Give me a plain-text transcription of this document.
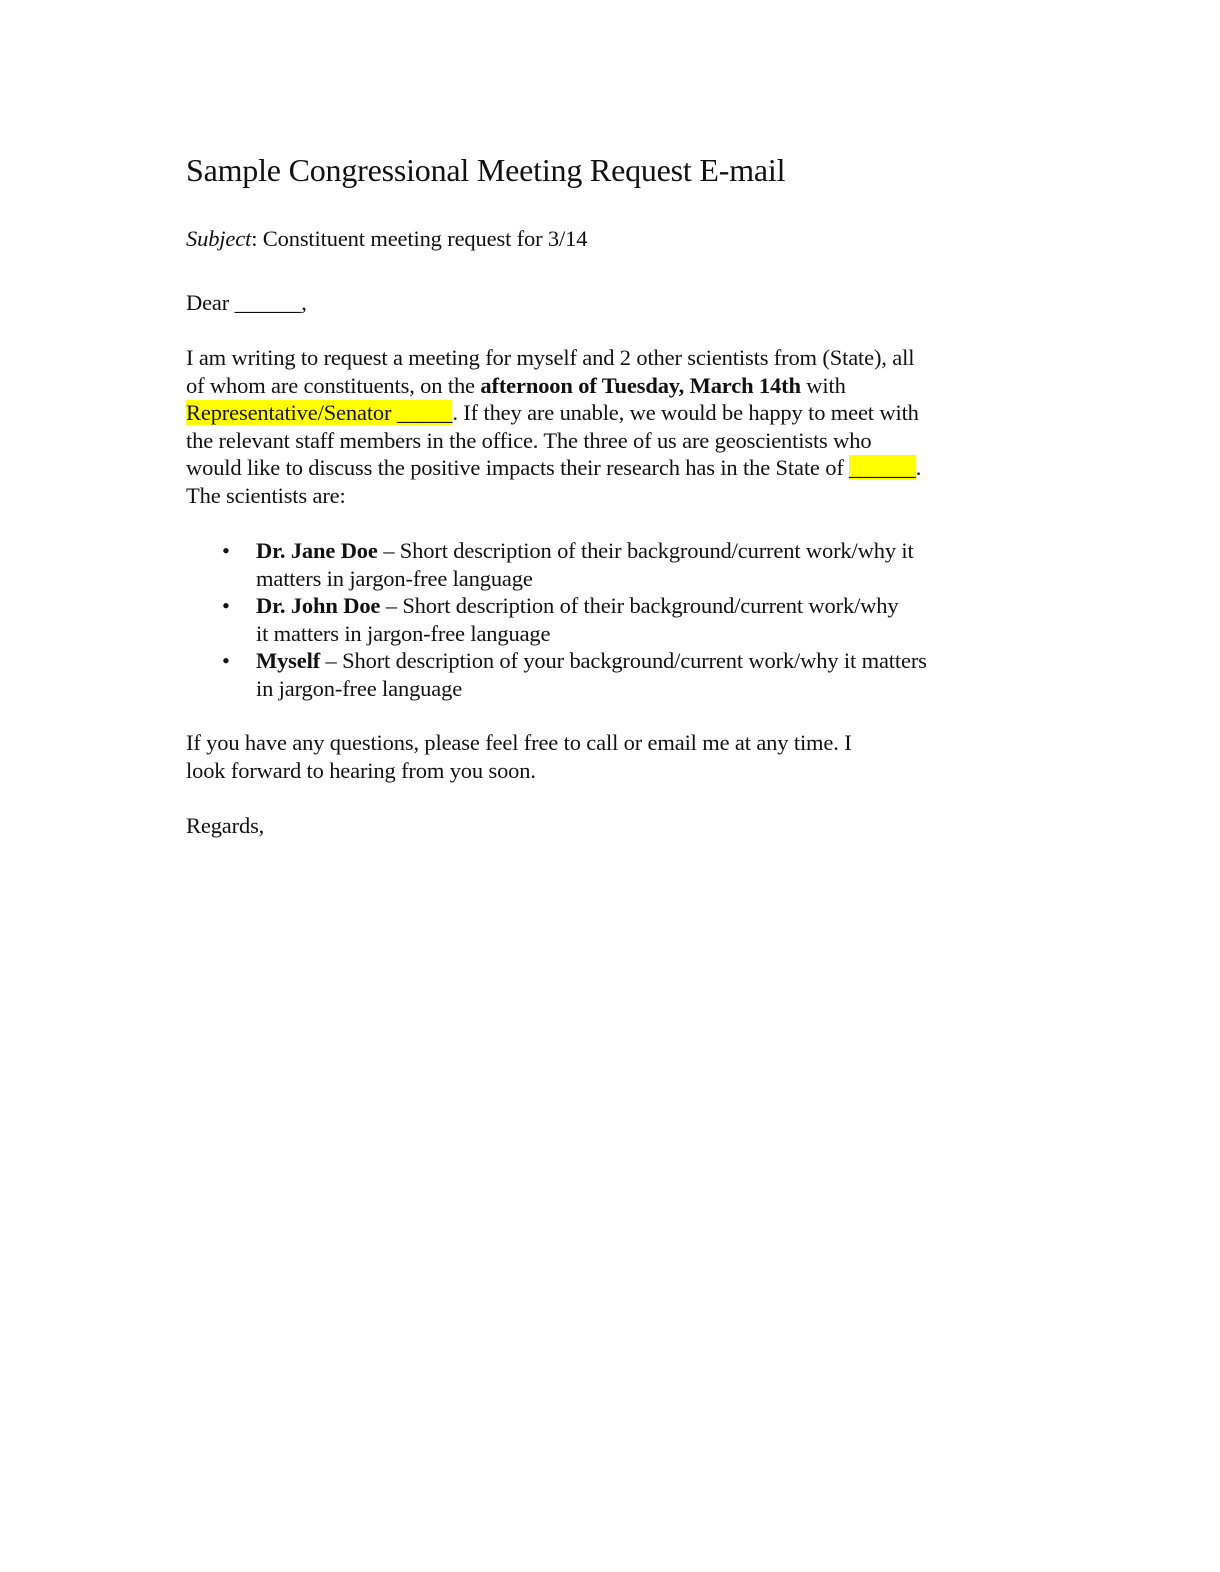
Sample Congressional Meeting Request E-mail
Subject: Constituent meeting request for 3/14
Dear ______,
I am writing to request a meeting for myself and 2 other scientists from (State), all
of whom are constituents, on the afternoon of Tuesday, March 14th with
Representative/Senator _____. If they are unable, we would be happy to meet with
the relevant staff members in the office. The three of us are geoscientists who
would like to discuss the positive impacts their research has in the State of ______.
The scientists are:
• Dr. Jane Doe – Short description of their background/current work/why it
matters in jargon-free language
• Dr. John Doe – Short description of their background/current work/why
it matters in jargon-free language
• Myself – Short description of your background/current work/why it matters
in jargon-free language
If you have any questions, please feel free to call or email me at any time. I
look forward to hearing from you soon.
Regards,
